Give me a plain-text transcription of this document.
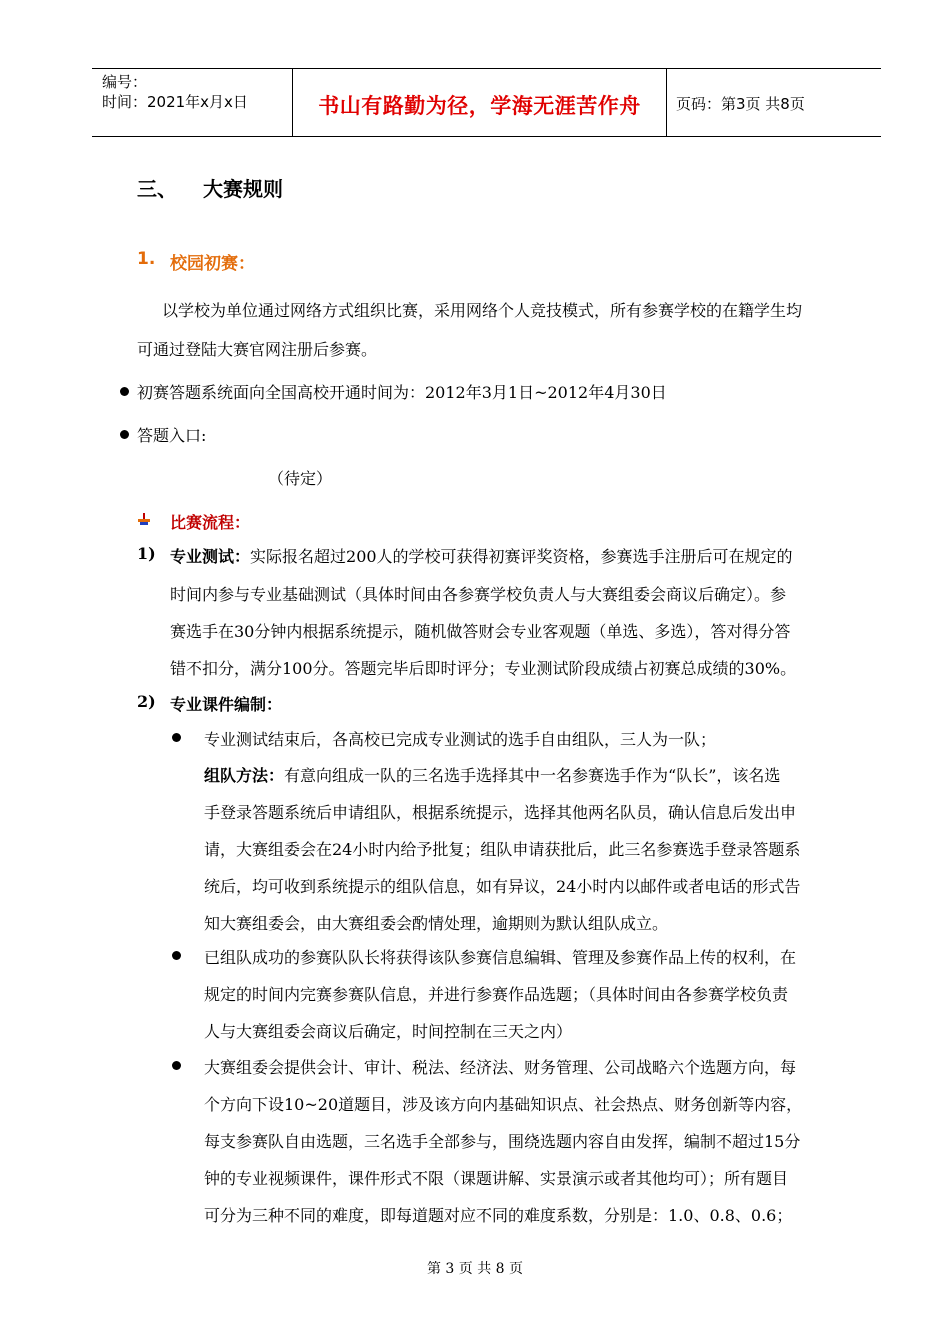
编号：
时间：2021年x月x日	书山有路勤为径，学海无涯苦作舟	页码：第3页 共8页
三、 大赛规则
1. 校园初赛：
以学校为单位通过网络方式组织比赛，采用网络个人竞技模式，所有参赛学校的在籍学生均
可通过登陆大赛官网注册后参赛。
初赛答题系统面向全国高校开通时间为：2012年3月1日~2012年4月30日
答题入口:
（待定）
比赛流程：
1) 专业测试：实际报名超过200人的学校可获得初赛评奖资格，参赛选手注册后可在规定的
时间内参与专业基础测试（具体时间由各参赛学校负责人与大赛组委会商议后确定）。参
赛选手在30分钟内根据系统提示，随机做答财会专业客观题（单选、多选），答对得分答
错不扣分，满分100分。答题完毕后即时评分；专业测试阶段成绩占初赛总成绩的30%。
2) 专业课件编制：
专业测试结束后，各高校已完成专业测试的选手自由组队，三人为一队；
组队方法：有意向组成一队的三名选手选择其中一名参赛选手作为“队长”，该名选
手登录答题系统后申请组队，根据系统提示，选择其他两名队员，确认信息后发出申
请，大赛组委会在24小时内给予批复；组队申请获批后，此三名参赛选手登录答题系
统后，均可收到系统提示的组队信息，如有异议，24小时内以邮件或者电话的形式告
知大赛组委会，由大赛组委会酌情处理，逾期则为默认组队成立。
已组队成功的参赛队队长将获得该队参赛信息编辑、管理及参赛作品上传的权利，在
规定的时间内完赛参赛队信息，并进行参赛作品选题；（具体时间由各参赛学校负责
人与大赛组委会商议后确定，时间控制在三天之内）
大赛组委会提供会计、审计、税法、经济法、财务管理、公司战略六个选题方向，每
个方向下设10~20道题目，涉及该方向内基础知识点、社会热点、财务创新等内容，
每支参赛队自由选题，三名选手全部参与，围绕选题内容自由发挥，编制不超过15分
钟的专业视频课件，课件形式不限（课题讲解、实景演示或者其他均可）；所有题目
可分为三种不同的难度，即每道题对应不同的难度系数，分别是：1.0、0.8、0.6；
第 3 页 共 8 页
